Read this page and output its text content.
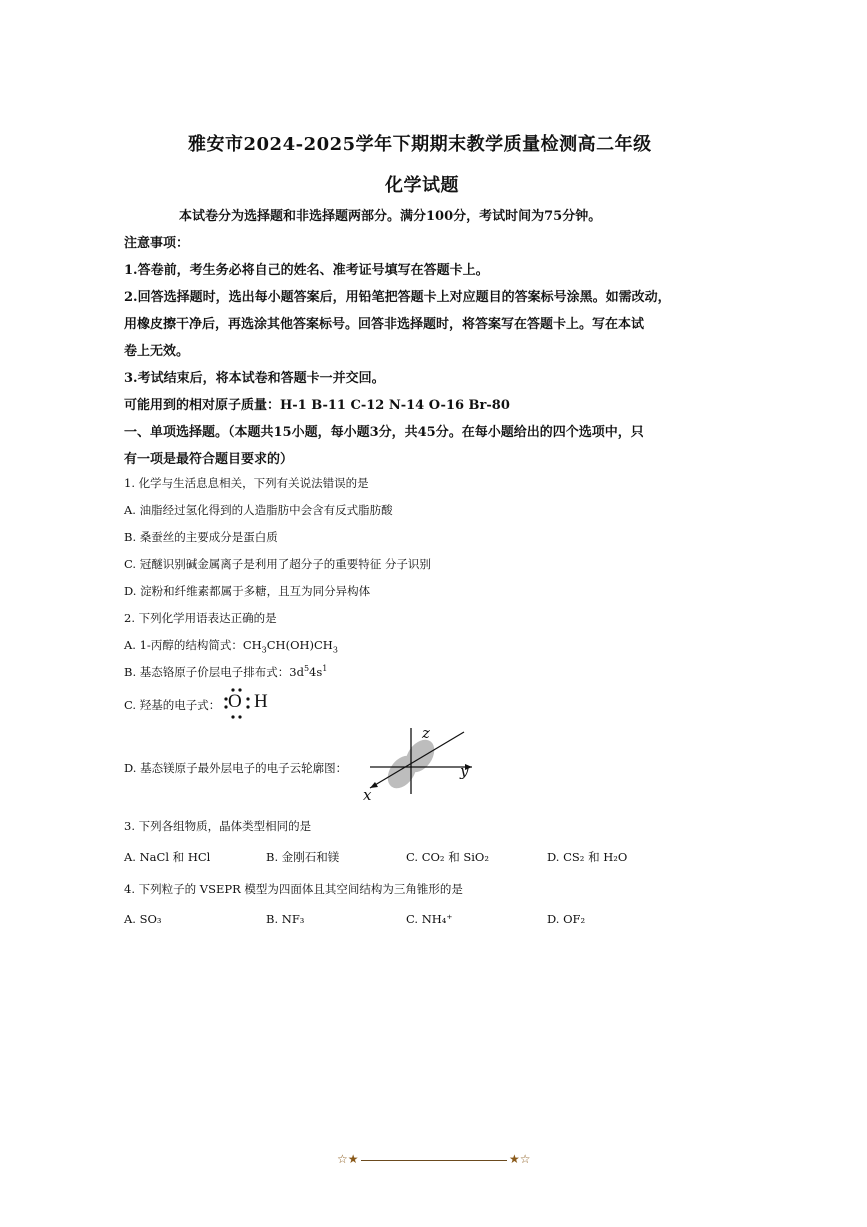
雅安市2024-2025学年下期期末教学质量检测高二年级
化学试题
本试卷分为选择题和非选择题两部分。满分100分，考试时间为75分钟。
注意事项：
1.答卷前，考生务必将自己的姓名、准考证号填写在答题卡上。
2.回答选择题时，选出每小题答案后，用铅笔把答题卡上对应题目的答案标号涂黑。如需改动，
用橡皮擦干净后，再选涂其他答案标号。回答非选择题时，将答案写在答题卡上。写在本试
卷上无效。
3.考试结束后，将本试卷和答题卡一并交回。
可能用到的相对原子质量：H-1 B-11 C-12 N-14 O-16 Br-80
一、单项选择题。（本题共15小题，每小题3分，共45分。在每小题给出的四个选项中，只
有一项是最符合题目要求的）
1. 化学与生活息息相关，下列有关说法错误的是
A. 油脂经过氢化得到的人造脂肪中会含有反式脂肪酸
B. 桑蚕丝的主要成分是蛋白质
C. 冠醚识别碱金属离子是利用了超分子的重要特征 分子识别
D. 淀粉和纤维素都属于多糖，且互为同分异构体
2. 下列化学用语表达正确的是
A. 1-丙醇的结构简式：$CH_3CH(OH)CH_3$
B. 基态铬原子价层电子排布式：$3d^54s^1$
C. 羟基的电子式： O H
D. 基态镁原子最外层电子的电子云轮廓图：
z
y
x
3. 下列各组物质，晶体类型相同的是
A. NaCl 和 HCl	B. 金刚石和镁	C. CO₂ 和 SiO₂	D. CS₂ 和 H₂O
4. 下列粒子的 VSEPR 模型为四面体且其空间结构为三角锥形的是
A. SO₃	B. NF₃	C. NH₄⁺	D. OF₂
☆★	★☆
